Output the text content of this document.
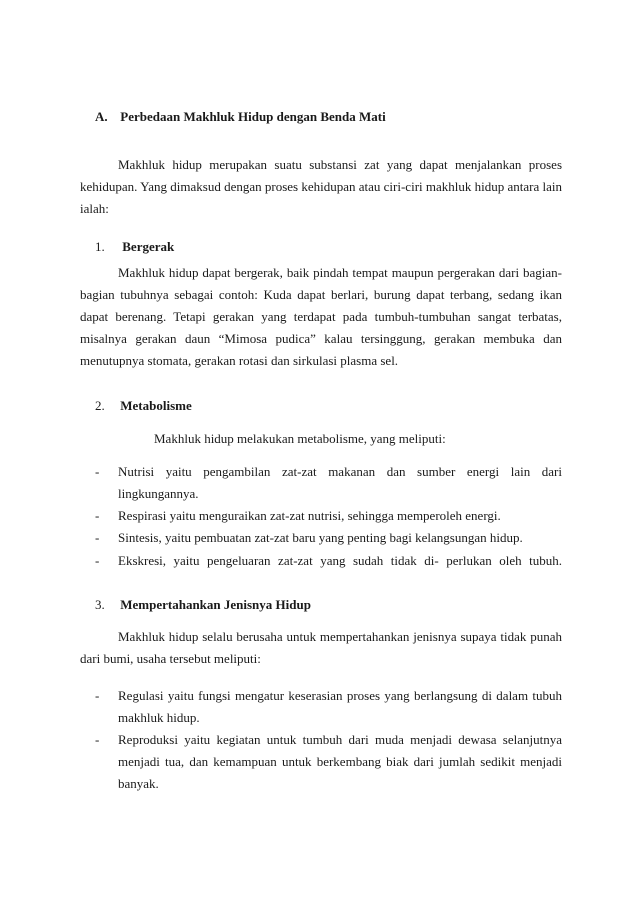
A. Perbedaan Makhluk Hidup dengan Benda Mati
Makhluk hidup merupakan suatu substansi zat yang dapat menjalankan proses kehidupan. Yang dimaksud dengan proses kehidupan atau ciri-ciri makhluk hidup antara lain ialah:
1. Bergerak
Makhluk hidup dapat bergerak, baik pindah tempat maupun pergerakan dari bagian-bagian tubuhnya sebagai contoh: Kuda dapat berlari, burung dapat terbang, sedang ikan dapat berenang. Tetapi gerakan yang terdapat pada tumbuh-tumbuhan sangat terbatas, misalnya gerakan daun “Mimosa pudica” kalau tersinggung, gerakan membuka dan menutupnya stomata, gerakan rotasi dan sirkulasi plasma sel.
2. Metabolisme
Makhluk hidup melakukan metabolisme, yang meliputi:
- Nutrisi yaitu pengambilan zat-zat makanan dan sumber energi lain dari lingkungannya.
- Respirasi yaitu menguraikan zat-zat nutrisi, sehingga memperoleh energi.
- Sintesis, yaitu pembuatan zat-zat baru yang penting bagi kelangsungan hidup.
- Ekskresi, yaitu pengeluaran zat-zat yang sudah tidak di- perlukan oleh tubuh.
3. Mempertahankan Jenisnya Hidup
Makhluk hidup selalu berusaha untuk mempertahankan jenisnya supaya tidak punah dari bumi, usaha tersebut meliputi:
- Regulasi yaitu fungsi mengatur keserasian proses yang berlangsung di dalam tubuh makhluk hidup.
- Reproduksi yaitu kegiatan untuk tumbuh dari muda menjadi dewasa selanjutnya menjadi tua, dan kemampuan untuk berkembang biak dari jumlah sedikit menjadi banyak.
